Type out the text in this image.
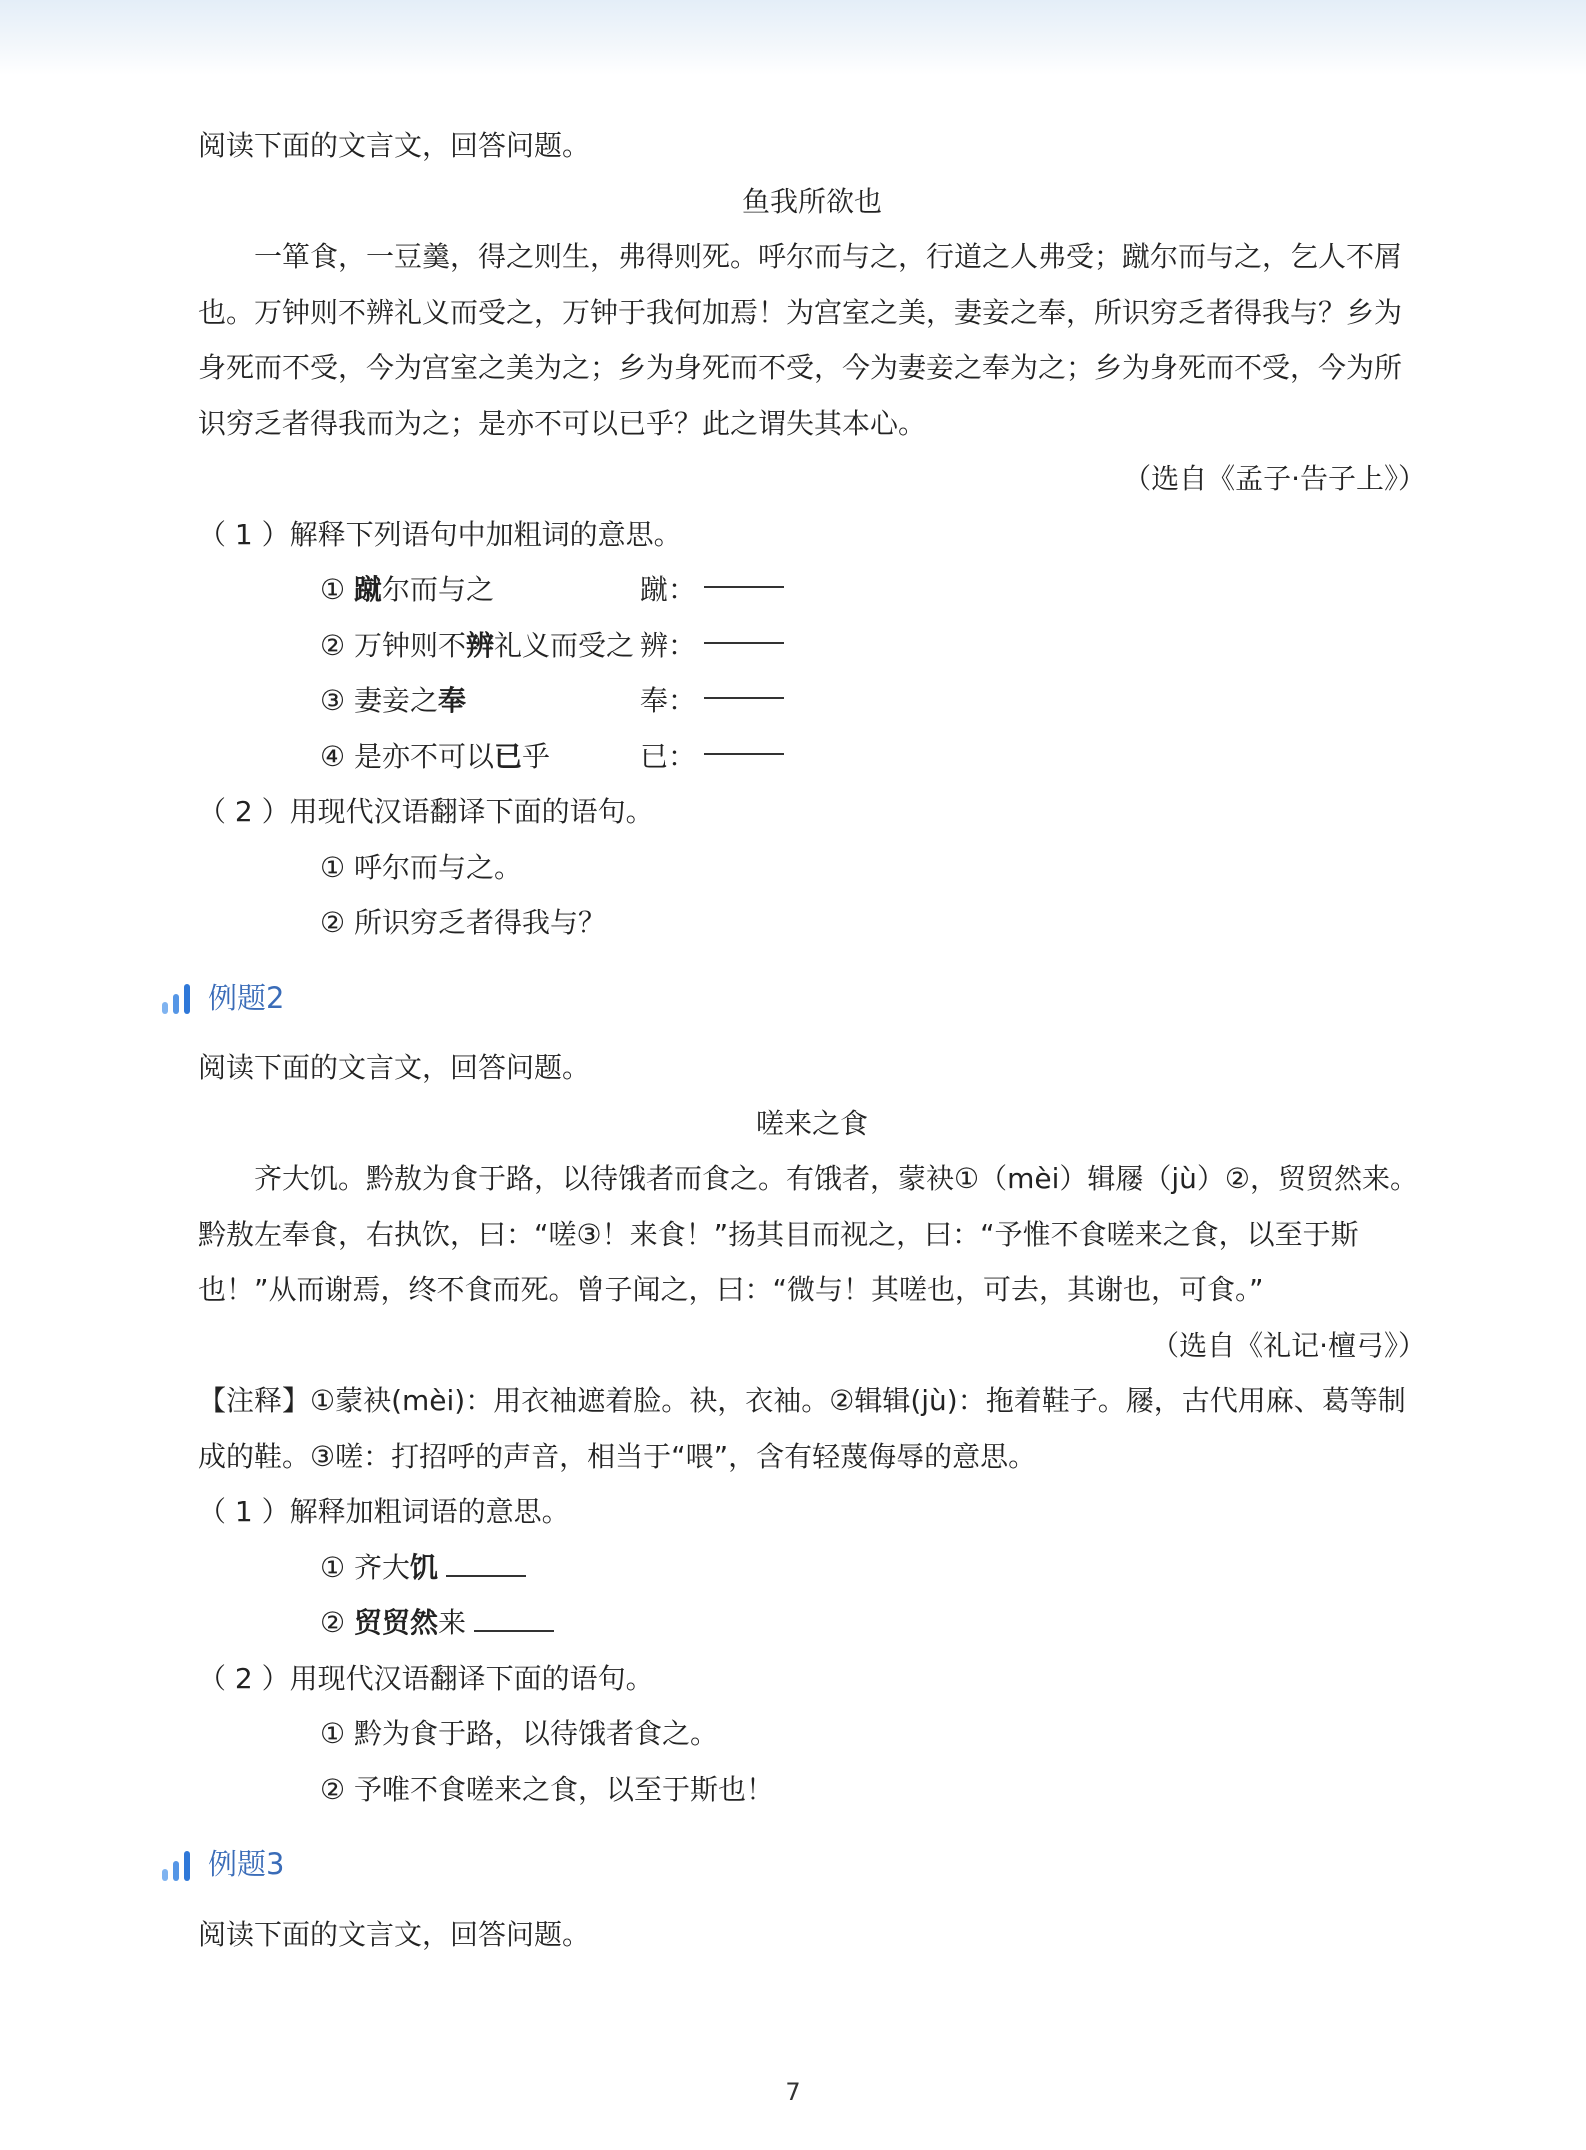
阅读下面的文言文，回答问题。

鱼我所欲也

一箪食，一豆羹，得之则生，弗得则死。呼尔而与之，行道之人弗受；蹴尔而与之，乞人不屑也。万钟则不辨礼义而受之，万钟于我何加焉！为宫室之美，妻妾之奉，所识穷乏者得我与？乡为身死而不受，今为宫室之美为之；乡为身死而不受，今为妻妾之奉为之；乡为身死而不受，今为所识穷乏者得我而为之；是亦不可以已乎？此之谓失其本心。

（选自《孟子·告子上》）

（ 1 ）解释下列语句中加粗词的意思。

① 蹴尔而与之	蹴：
② 万钟则不辨礼义而受之 辨：
③ 妻妾之奉	奉：
④ 是亦不可以已乎	已：

（ 2 ）用现代汉语翻译下面的语句。

① 呼尔而与之。

② 所识穷乏者得我与？

例题2

阅读下面的文言文，回答问题。

嗟来之食

齐大饥。黔敖为食于路，以待饿者而食之。有饿者，蒙袂①（mèi）辑屦（jù）②，贸贸然来。黔敖左奉食，右执饮，曰：“嗟③！来食！”扬其目而视之，曰：“予惟不食嗟来之食，以至于斯也！”从而谢焉，终不食而死。曾子闻之，曰：“微与！其嗟也，可去，其谢也，可食。”

（选自《礼记·檀弓》）

【注释】①蒙袂(mèi)：用衣袖遮着脸。袂，衣袖。②辑辑(jù)：拖着鞋子。屦，古代用麻、葛等制成的鞋。③嗟：打招呼的声音，相当于“喂”，含有轻蔑侮辱的意思。

（ 1 ）解释加粗词语的意思。

① 齐大饥

② 贸贸然来

（ 2 ）用现代汉语翻译下面的语句。

① 黔为食于路，以待饿者食之。

② 予唯不食嗟来之食，以至于斯也！

例题3

阅读下面的文言文，回答问题。

7
